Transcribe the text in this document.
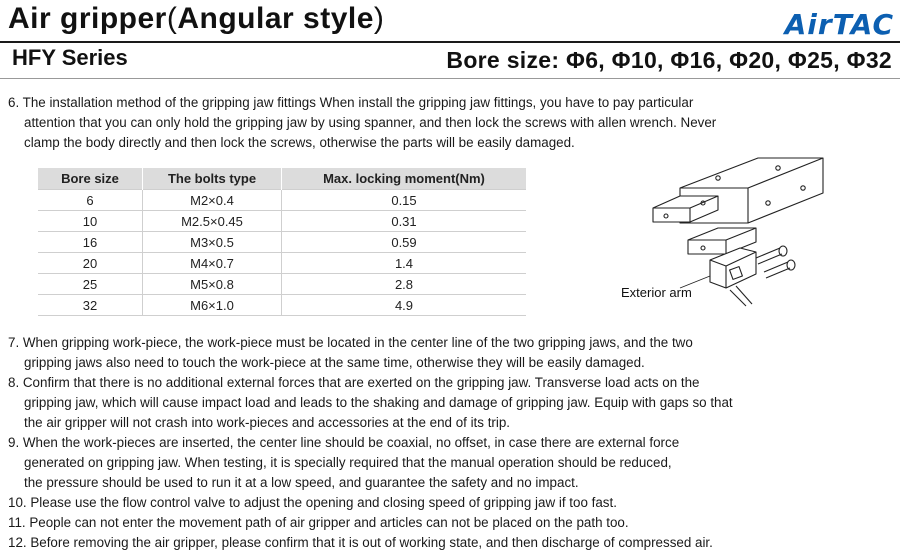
Air gripper(Angular style)	AirTAC
HFY Series	Bore size: Φ6, Φ10, Φ16, Φ20, Φ25, Φ32
6. The installation method of the gripping jaw fittings When install the gripping jaw fittings, you have to pay particular
attention that you can only hold the gripping jaw by using spanner, and then lock the screws with allen wrench. Never
clamp the body directly and then lock the screws, otherwise the parts will be easily damaged.
Bore size	The bolts type	Max. locking moment(Nm)
6	M2×0.4	0.15
10	M2.5×0.45	0.31
16	M3×0.5	0.59
20	M4×0.7	1.4
25	M5×0.8	2.8
32	M6×1.0	4.9
Exterior arm
7. When gripping work-piece, the work-piece must be located in the center line of the two gripping jaws, and the two
gripping jaws also need to touch the work-piece at the same time, otherwise they will be easily damaged.
8. Confirm that there is no additional external forces that are exerted on the gripping jaw. Transverse load acts on the
gripping jaw, which will cause impact load and leads to the shaking and damage of gripping jaw. Equip with gaps so that
the air gripper will not crash into work-pieces and accessories at the end of its trip.
9. When the work-pieces are inserted, the center line should be coaxial, no offset, in case there are external force
generated on gripping jaw. When testing, it is specially required that the manual operation should be reduced,
the pressure should be used to run it at a low speed, and guarantee the safety and no impact.
10. Please use the flow control valve to adjust the opening and closing speed of gripping jaw if too fast.
11. People can not enter the movement path of air gripper and articles can not be placed on the path too.
12. Before removing the air gripper, please confirm that it is out of working state, and then discharge of compressed air.
